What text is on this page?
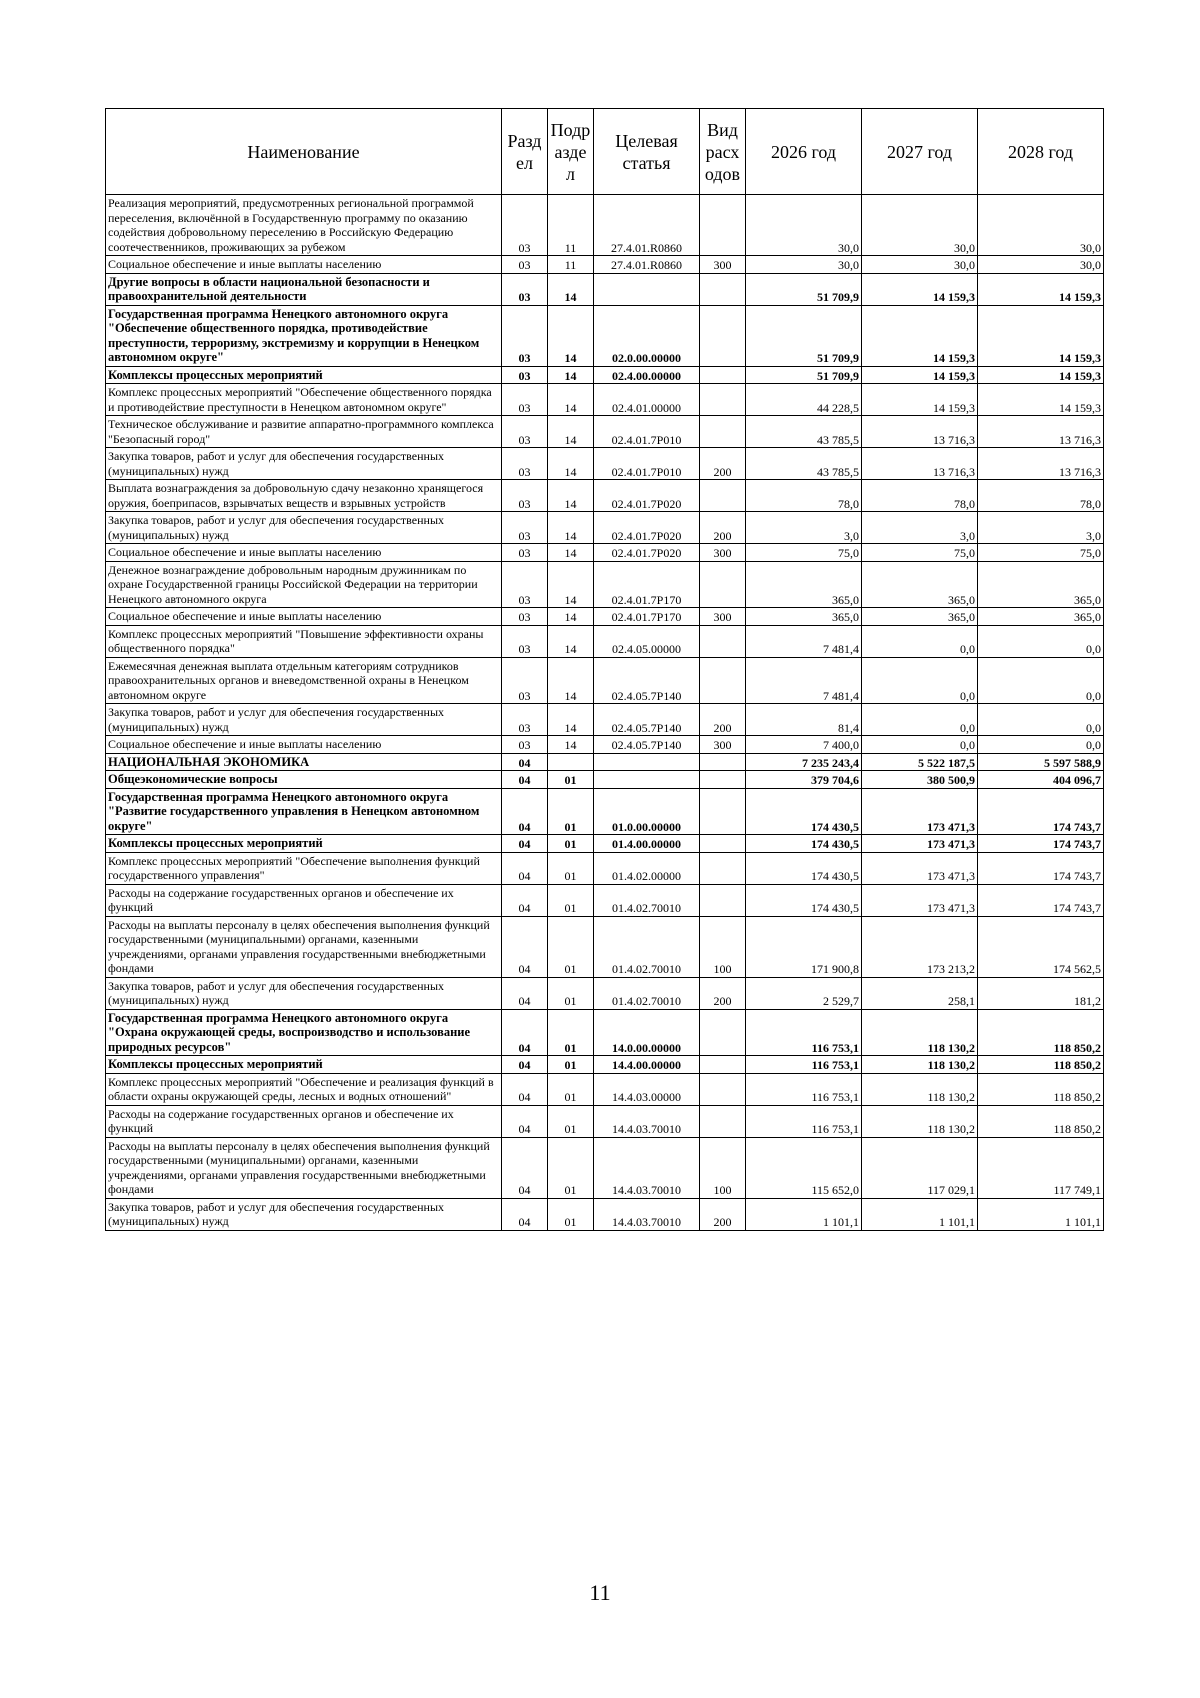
Наименование	Разд ел	Подр азде л	Целевая статья	Вид расх одов	2026 год	2027 год	2028 год
Реализация мероприятий, предусмотренных региональной программой переселения, включённой в Государственную программу по оказанию содействия добровольному переселению в Российскую Федерацию соотечественников, проживающих за рубежом	03	11	27.4.01.R0860		30,0	30,0	30,0
Социальное обеспечение и иные выплаты населению	03	11	27.4.01.R0860	300	30,0	30,0	30,0
Другие вопросы в области национальной безопасности и правоохранительной деятельности	03	14			51 709,9	14 159,3	14 159,3
Государственная программа Ненецкого автономного округа "Обеспечение общественного порядка, противодействие преступности, терроризму, экстремизму и коррупции в Ненецком автономном округе"	03	14	02.0.00.00000		51 709,9	14 159,3	14 159,3
Комплексы процессных мероприятий	03	14	02.4.00.00000		51 709,9	14 159,3	14 159,3
Комплекс процессных мероприятий "Обеспечение общественного порядка и противодействие преступности в Ненецком автономном округе"	03	14	02.4.01.00000		44 228,5	14 159,3	14 159,3
Техническое обслуживание и развитие аппаратно-программного комплекса "Безопасный город"	03	14	02.4.01.7P010		43 785,5	13 716,3	13 716,3
Закупка товаров, работ и услуг для обеспечения государственных (муниципальных) нужд	03	14	02.4.01.7P010	200	43 785,5	13 716,3	13 716,3
Выплата вознаграждения за добровольную сдачу незаконно хранящегося оружия, боеприпасов, взрывчатых веществ и взрывных устройств	03	14	02.4.01.7P020		78,0	78,0	78,0
Закупка товаров, работ и услуг для обеспечения государственных (муниципальных) нужд	03	14	02.4.01.7P020	200	3,0	3,0	3,0
Социальное обеспечение и иные выплаты населению	03	14	02.4.01.7P020	300	75,0	75,0	75,0
Денежное вознаграждение добровольным народным дружинникам по охране Государственной границы Российской Федерации на территории Ненецкого автономного округа	03	14	02.4.01.7P170		365,0	365,0	365,0
Социальное обеспечение и иные выплаты населению	03	14	02.4.01.7P170	300	365,0	365,0	365,0
Комплекс процессных мероприятий "Повышение эффективности охраны общественного порядка"	03	14	02.4.05.00000		7 481,4	0,0	0,0
Ежемесячная денежная выплата отдельным категориям сотрудников правоохранительных органов и вневедомственной охраны в Ненецком автономном округе	03	14	02.4.05.7P140		7 481,4	0,0	0,0
Закупка товаров, работ и услуг для обеспечения государственных (муниципальных) нужд	03	14	02.4.05.7P140	200	81,4	0,0	0,0
Социальное обеспечение и иные выплаты населению	03	14	02.4.05.7P140	300	7 400,0	0,0	0,0
НАЦИОНАЛЬНАЯ ЭКОНОМИКА	04				7 235 243,4	5 522 187,5	5 597 588,9
Общеэкономические вопросы	04	01			379 704,6	380 500,9	404 096,7
Государственная программа Ненецкого автономного округа "Развитие государственного управления в Ненецком автономном округе"	04	01	01.0.00.00000		174 430,5	173 471,3	174 743,7
Комплексы процессных мероприятий	04	01	01.4.00.00000		174 430,5	173 471,3	174 743,7
Комплекс процессных мероприятий "Обеспечение выполнения функций государственного управления"	04	01	01.4.02.00000		174 430,5	173 471,3	174 743,7
Расходы на содержание государственных органов и обеспечение их функций	04	01	01.4.02.70010		174 430,5	173 471,3	174 743,7
Расходы на выплаты персоналу в целях обеспечения выполнения функций государственными (муниципальными) органами, казенными учреждениями, органами управления государственными внебюджетными фондами	04	01	01.4.02.70010	100	171 900,8	173 213,2	174 562,5
Закупка товаров, работ и услуг для обеспечения государственных (муниципальных) нужд	04	01	01.4.02.70010	200	2 529,7	258,1	181,2
Государственная программа Ненецкого автономного округа "Охрана окружающей среды, воспроизводство и использование природных ресурсов"	04	01	14.0.00.00000		116 753,1	118 130,2	118 850,2
Комплексы процессных мероприятий	04	01	14.4.00.00000		116 753,1	118 130,2	118 850,2
Комплекс процессных мероприятий "Обеспечение и реализация функций в области охраны окружающей среды, лесных и водных отношений"	04	01	14.4.03.00000		116 753,1	118 130,2	118 850,2
Расходы на содержание государственных органов и обеспечение их функций	04	01	14.4.03.70010		116 753,1	118 130,2	118 850,2
Расходы на выплаты персоналу в целях обеспечения выполнения функций государственными (муниципальными) органами, казенными учреждениями, органами управления государственными внебюджетными фондами	04	01	14.4.03.70010	100	115 652,0	117 029,1	117 749,1
Закупка товаров, работ и услуг для обеспечения государственных (муниципальных) нужд	04	01	14.4.03.70010	200	1 101,1	1 101,1	1 101,1
11
